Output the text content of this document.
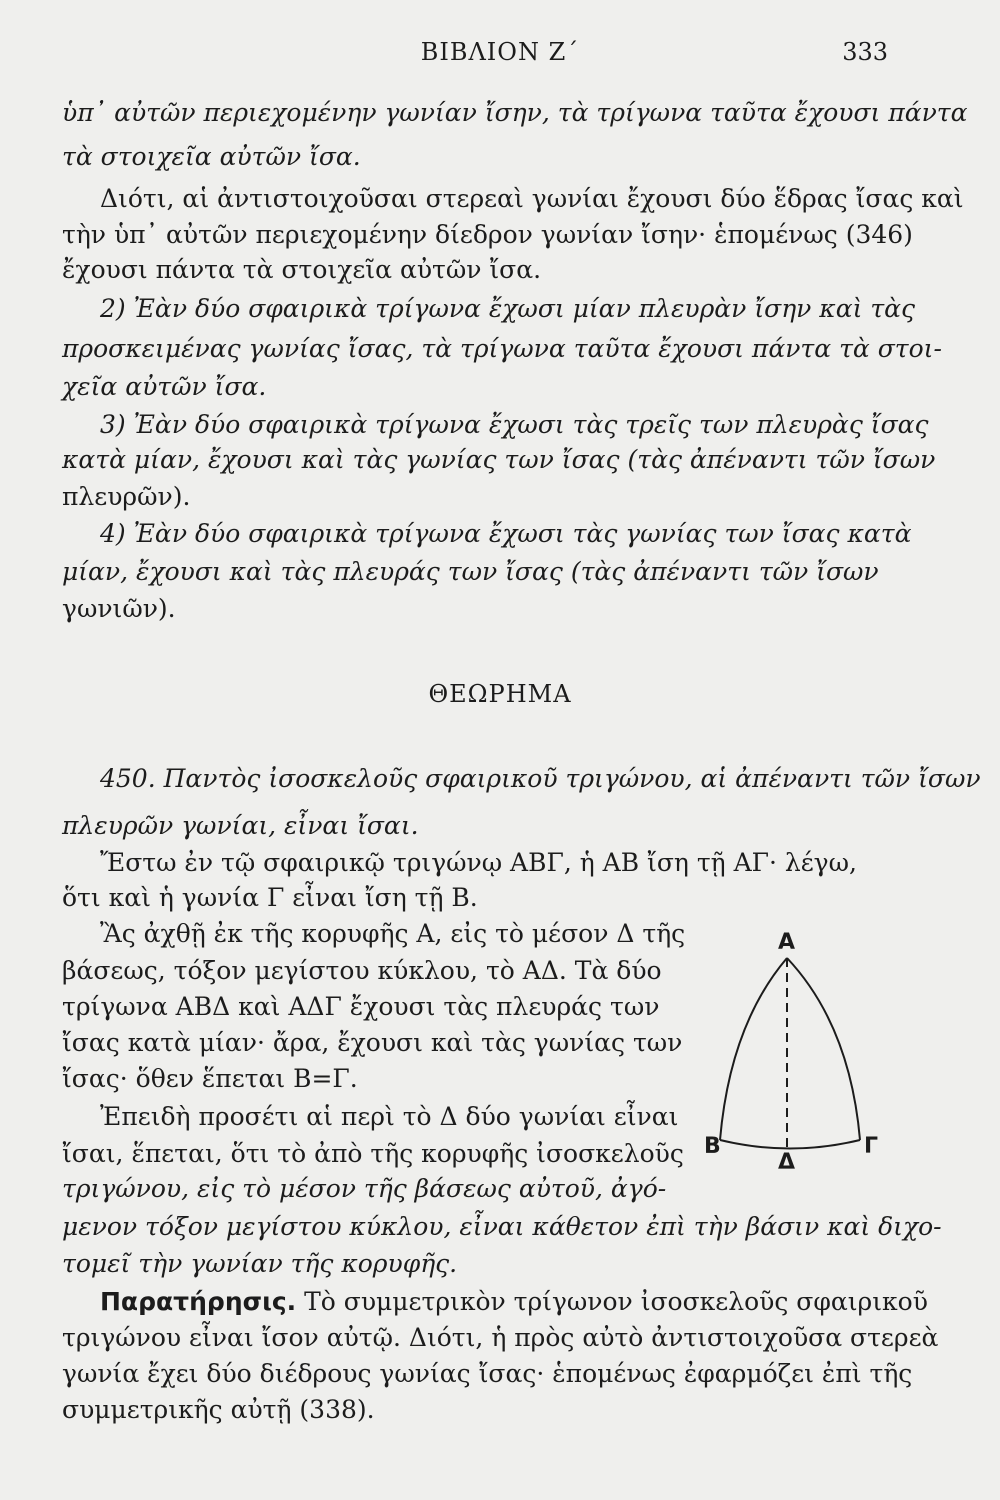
ΒΙΒΛΙΟΝ Ζ΄	333
ὑπ᾽ αὐτῶν περιεχομένην γωνίαν ἴσην, τὰ τρίγωνα ταῦτα ἔχουσι πάντα
τὰ στοιχεῖα αὐτῶν ἴσα.
Διότι, αἱ ἀντιστοιχοῦσαι στερεαὶ γωνίαι ἔχουσι δύο ἕδρας ἴσας καὶ
τὴν ὑπ᾽ αὐτῶν περιεχομένην δίεδρον γωνίαν ἴσην· ἑπομένως (346)
ἔχουσι πάντα τὰ στοιχεῖα αὐτῶν ἴσα.
2) Ἐὰν δύο σφαιρικὰ τρίγωνα ἔχωσι μίαν πλευρὰν ἴσην καὶ τὰς
προσκειμένας γωνίας ἴσας, τὰ τρίγωνα ταῦτα ἔχουσι πάντα τὰ στοι-
χεῖα αὐτῶν ἴσα.
3) Ἐὰν δύο σφαιρικὰ τρίγωνα ἔχωσι τὰς τρεῖς των πλευρὰς ἴσας
κατὰ μίαν, ἔχουσι καὶ τὰς γωνίας των ἴσας (τὰς ἀπέναντι τῶν ἴσων
πλευρῶν).
4) Ἐὰν δύο σφαιρικὰ τρίγωνα ἔχωσι τὰς γωνίας των ἴσας κατὰ
μίαν, ἔχουσι καὶ τὰς πλευράς των ἴσας (τὰς ἀπέναντι τῶν ἴσων
γωνιῶν).
ΘΕΩΡΗΜΑ
450. Παντὸς ἰσοσκελοῦς σφαιρικοῦ τριγώνου, αἱ ἀπέναντι τῶν ἴσων
πλευρῶν γωνίαι, εἶναι ἴσαι.
Ἔστω ἐν τῷ σφαιρικῷ τριγώνῳ ΑΒΓ, ἡ ΑΒ ἴση τῇ ΑΓ· λέγω,
ὅτι καὶ ἡ γωνία Γ εἶναι ἴση τῇ Β.
Ἂς ἀχθῇ ἐκ τῆς κορυφῆς Α, εἰς τὸ μέσον Δ τῆς
βάσεως, τόξον μεγίστου κύκλου, τὸ ΑΔ. Τὰ δύο
τρίγωνα ΑΒΔ καὶ ΑΔΓ ἔχουσι τὰς πλευράς των
ἴσας κατὰ μίαν· ἄρα, ἔχουσι καὶ τὰς γωνίας των
ἴσας· ὅθεν ἕπεται Β=Γ.
Ἐπειδὴ προσέτι αἱ περὶ τὸ Δ δύο γωνίαι εἶναι
ἴσαι, ἕπεται, ὅτι τὸ ἀπὸ τῆς κορυφῆς ἰσοσκελοῦς
τριγώνου, εἰς τὸ μέσον τῆς βάσεως αὐτοῦ, ἀγό-
μενον τόξον μεγίστου κύκλου, εἶναι κάθετον ἐπὶ τὴν βάσιν καὶ διχο-
τομεῖ τὴν γωνίαν τῆς κορυφῆς.
Παρατήρησις. Τὸ συμμετρικὸν τρίγωνον ἰσοσκελοῦς σφαιρικοῦ
τριγώνου εἶναι ἴσον αὐτῷ. Διότι, ἡ πρὸς αὐτὸ ἀντιστοιχοῦσα στερεὰ
γωνία ἔχει δύο διέδρους γωνίας ἴσας· ἑπομένως ἐφαρμόζει ἐπὶ τῆς
συμμετρικῆς αὐτῇ (338).
Α
Β	Γ
Δ
